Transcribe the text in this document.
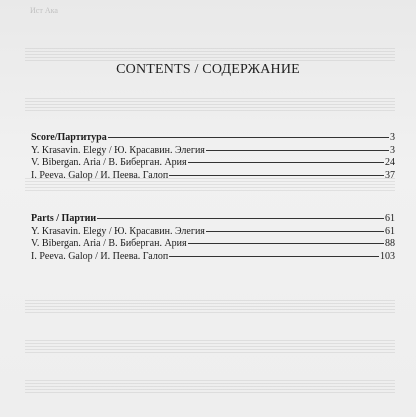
Ист Ака
CONTENTS / СОДЕРЖАНИЕ
Score/Партитура	3
Y. Krasavin. Elegy / Ю. Красавин. Элегия	3
V. Bibergan. Aria / В. Биберган. Ария	24
I. Peeva. Galop / И. Пеева. Галоп	37
Parts / Партии	61
Y. Krasavin. Elegy / Ю. Красавин. Элегия	61
V. Bibergan. Aria / В. Биберган. Ария	88
I. Peeva. Galop / И. Пеева. Галоп	103
